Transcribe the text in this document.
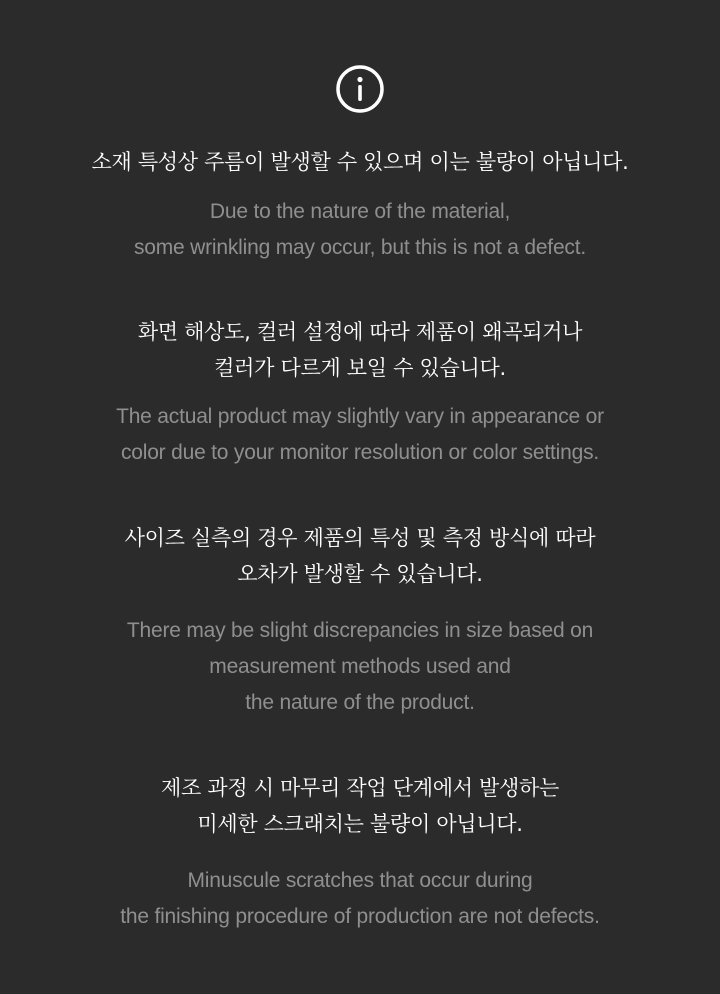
소재 특성상 주름이 발생할 수 있으며 이는 불량이 아닙니다.
Due to the nature of the material,
some wrinkling may occur, but this is not a defect.
화면 해상도, 컬러 설정에 따라 제품이 왜곡되거나
컬러가 다르게 보일 수 있습니다.
The actual product may slightly vary in appearance or
color due to your monitor resolution or color settings.
사이즈 실측의 경우 제품의 특성 및 측정 방식에 따라
오차가 발생할 수 있습니다.
There may be slight discrepancies in size based on
measurement methods used and
the nature of the product.
제조 과정 시 마무리 작업 단계에서 발생하는
미세한 스크래치는 불량이 아닙니다.
Minuscule scratches that occur during
the finishing procedure of production are not defects.
